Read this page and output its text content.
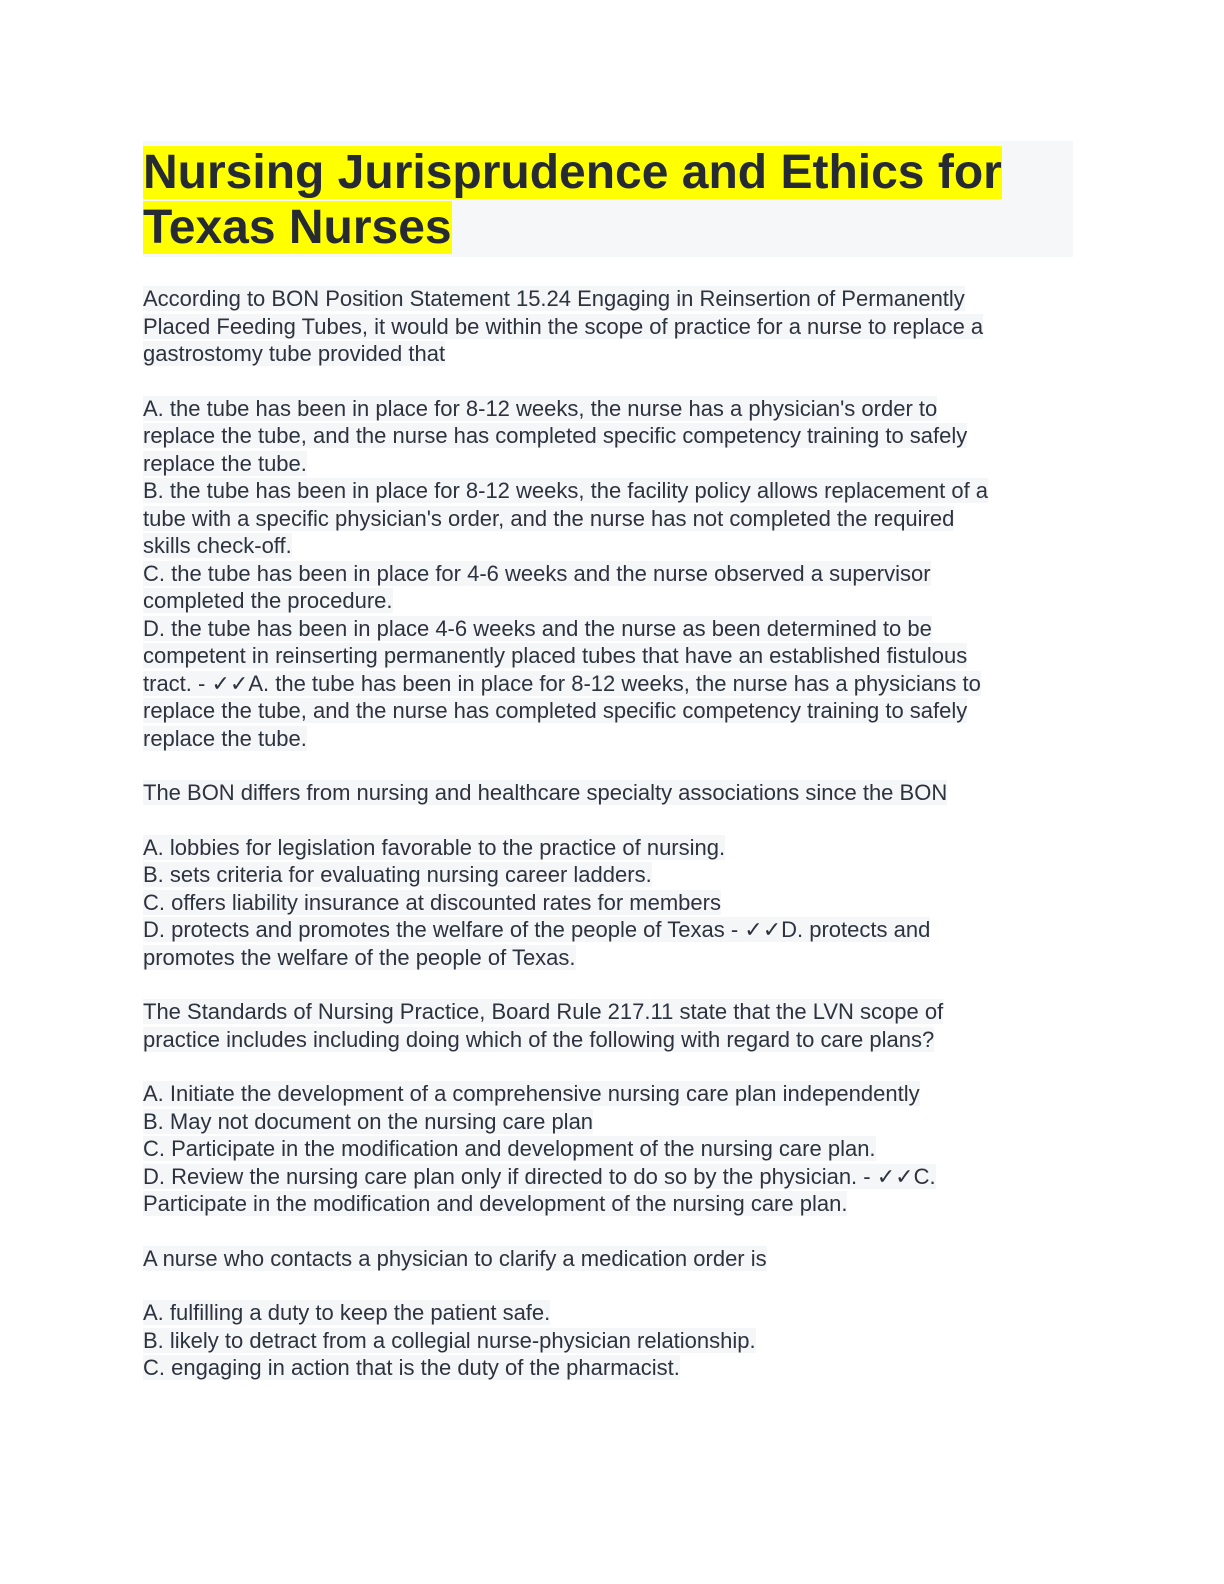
Nursing Jurisprudence and Ethics for
Texas Nurses
According to BON Position Statement 15.24 Engaging in Reinsertion of Permanently
Placed Feeding Tubes, it would be within the scope of practice for a nurse to replace a
gastrostomy tube provided that
A. the tube has been in place for 8-12 weeks, the nurse has a physician's order to
replace the tube, and the nurse has completed specific competency training to safely
replace the tube.
B. the tube has been in place for 8-12 weeks, the facility policy allows replacement of a
tube with a specific physician's order, and the nurse has not completed the required
skills check-off.
C. the tube has been in place for 4-6 weeks and the nurse observed a supervisor
completed the procedure.
D. the tube has been in place 4-6 weeks and the nurse as been determined to be
competent in reinserting permanently placed tubes that have an established fistulous
tract. - ✓✓A. the tube has been in place for 8-12 weeks, the nurse has a physicians to
replace the tube, and the nurse has completed specific competency training to safely
replace the tube.
The BON differs from nursing and healthcare specialty associations since the BON
A. lobbies for legislation favorable to the practice of nursing.
B. sets criteria for evaluating nursing career ladders.
C. offers liability insurance at discounted rates for members
D. protects and promotes the welfare of the people of Texas - ✓✓D. protects and
promotes the welfare of the people of Texas.
The Standards of Nursing Practice, Board Rule 217.11 state that the LVN scope of
practice includes including doing which of the following with regard to care plans?
A. Initiate the development of a comprehensive nursing care plan independently
B. May not document on the nursing care plan
C. Participate in the modification and development of the nursing care plan.
D. Review the nursing care plan only if directed to do so by the physician. - ✓✓C.
Participate in the modification and development of the nursing care plan.
A nurse who contacts a physician to clarify a medication order is
A. fulfilling a duty to keep the patient safe.
B. likely to detract from a collegial nurse-physician relationship.
C. engaging in action that is the duty of the pharmacist.
